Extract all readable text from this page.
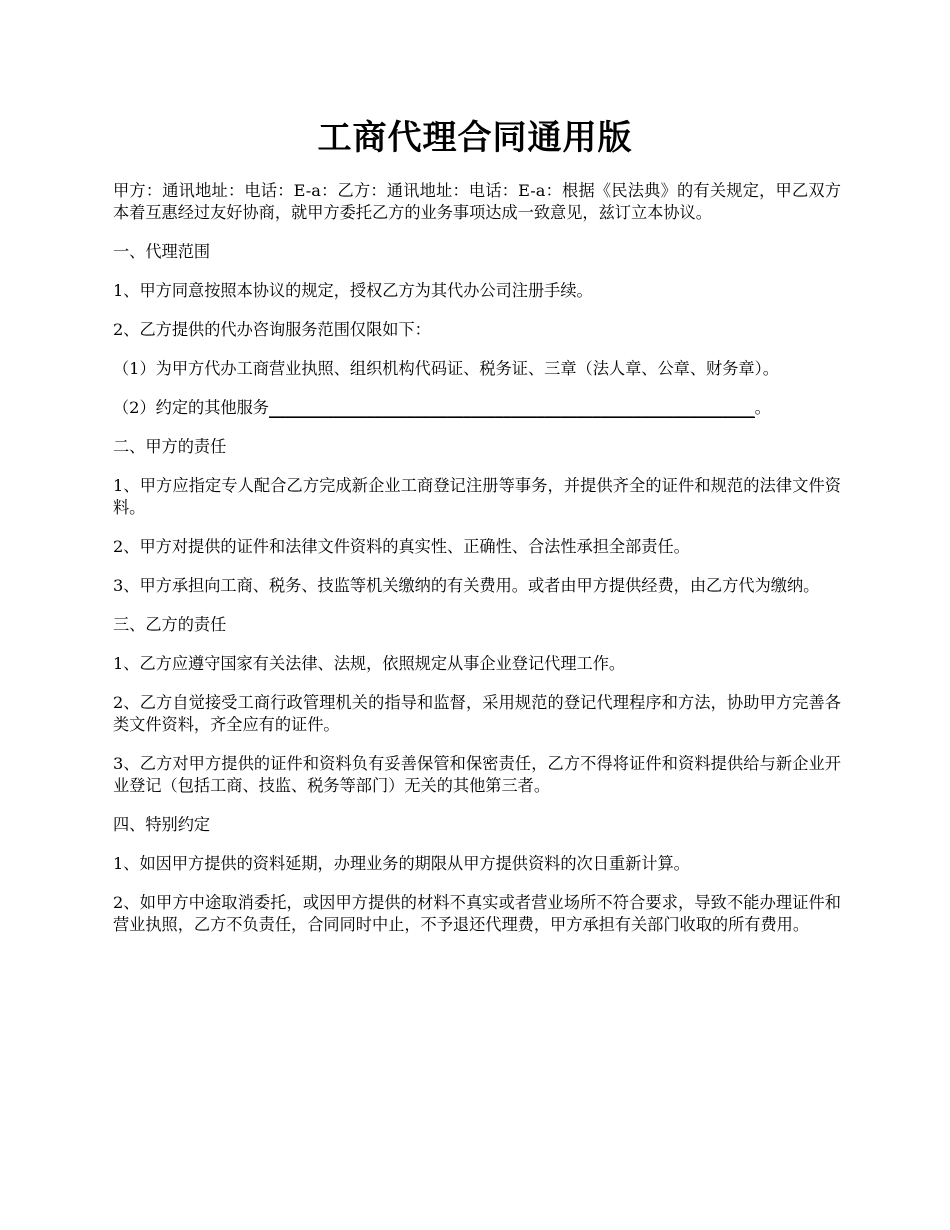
工商代理合同通用版

甲方：通讯地址：电话：E-a：乙方：通讯地址：电话：E-a：根据《民法典》的有关规定，甲乙双方本着互惠经过友好协商，就甲方委托乙方的业务事项达成一致意见，兹订立本协议。

一、代理范围

1、甲方同意按照本协议的规定，授权乙方为其代办公司注册手续。

2、乙方提供的代办咨询服务范围仅限如下：

（1）为甲方代办工商营业执照、组织机构代码证、税务证、三章（法人章、公章、财务章）。

（2）约定的其他服务____________________________________________________________。

二、甲方的责任

1、甲方应指定专人配合乙方完成新企业工商登记注册等事务，并提供齐全的证件和规范的法律文件资料。

2、甲方对提供的证件和法律文件资料的真实性、正确性、合法性承担全部责任。

3、甲方承担向工商、税务、技监等机关缴纳的有关费用。或者由甲方提供经费，由乙方代为缴纳。

三、乙方的责任

1、乙方应遵守国家有关法律、法规，依照规定从事企业登记代理工作。

2、乙方自觉接受工商行政管理机关的指导和监督，采用规范的登记代理程序和方法，协助甲方完善各类文件资料，齐全应有的证件。

3、乙方对甲方提供的证件和资料负有妥善保管和保密责任，乙方不得将证件和资料提供给与新企业开业登记（包括工商、技监、税务等部门）无关的其他第三者。

四、特别约定

1、如因甲方提供的资料延期，办理业务的期限从甲方提供资料的次日重新计算。

2、如甲方中途取消委托，或因甲方提供的材料不真实或者营业场所不符合要求，导致不能办理证件和营业执照，乙方不负责任，合同同时中止，不予退还代理费，甲方承担有关部门收取的所有费用。
